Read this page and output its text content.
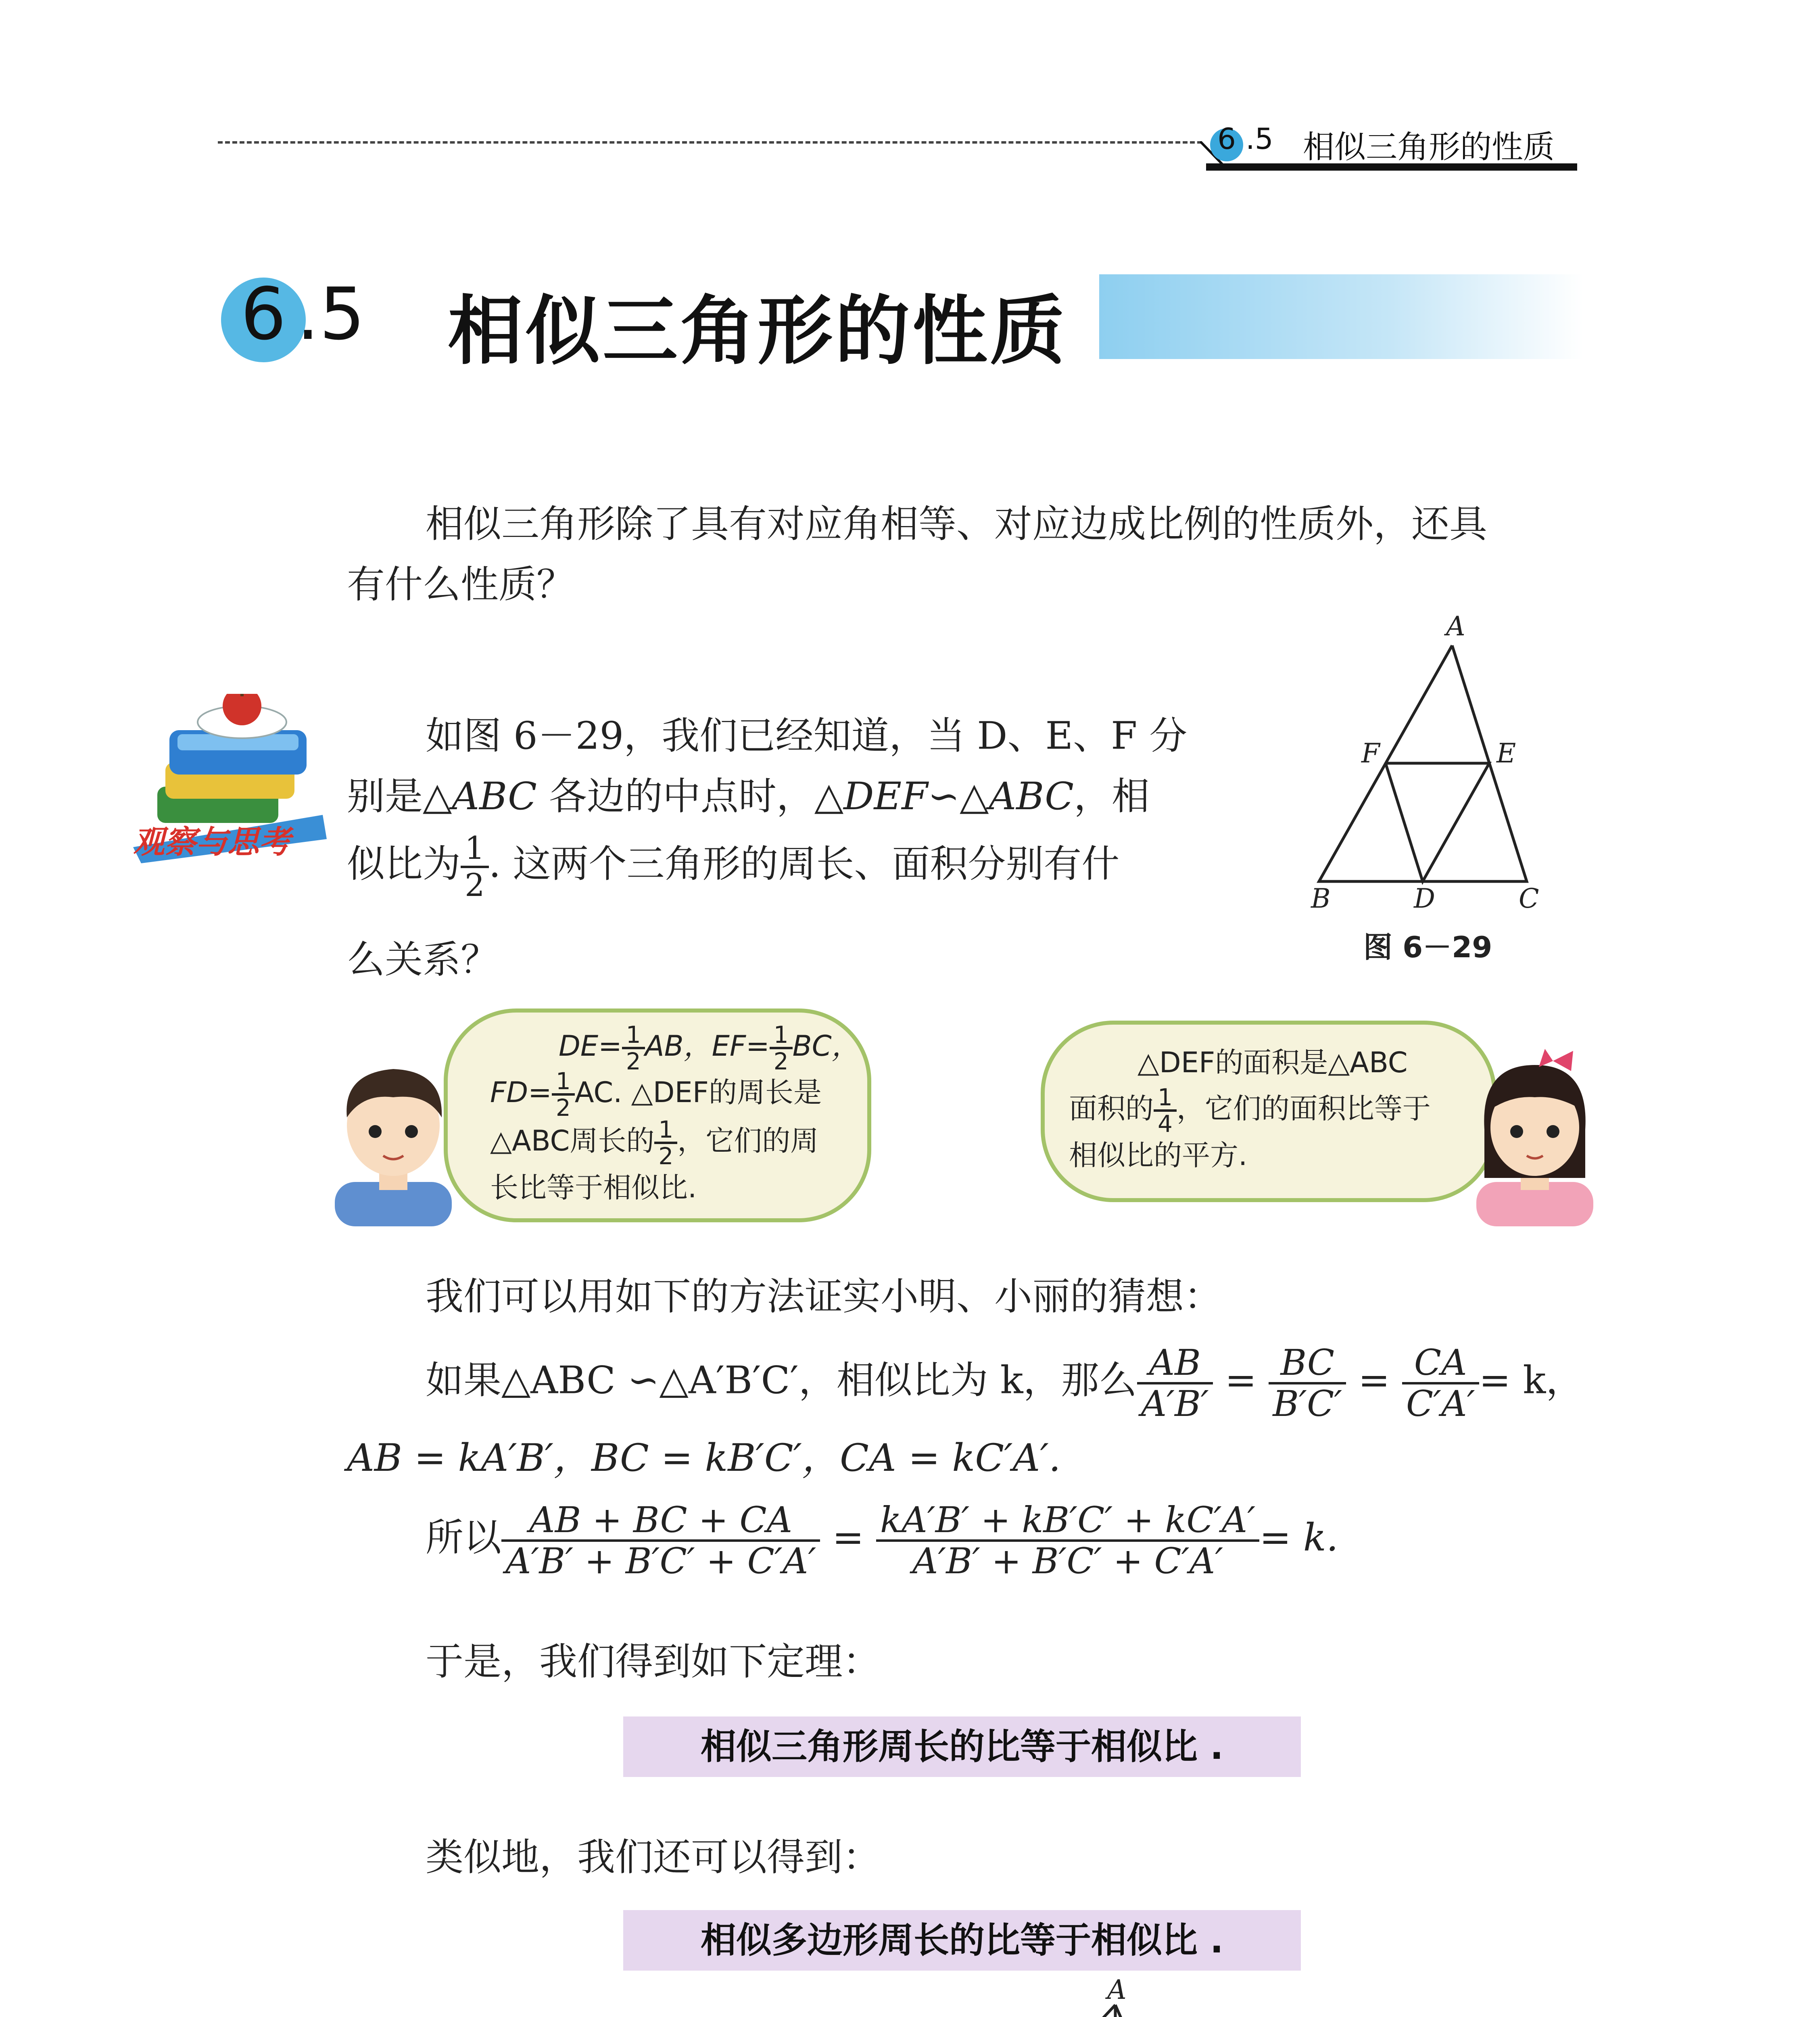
6 .5 相似三角形的性质
6 .5 相似三角形的性质
相似三角形除了具有对应角相等、对应边成比例的性质外，还具
有什么性质？
观察与思考
如图 6－29，我们已经知道，当 D、E、F 分
别是△ABC 各边的中点时，△DEF∽△ABC，相
似比为 $\frac{1}{2}$ . 这两个三角形的周长、面积分别有什
么关系？
A
B	C
D
E
F
图 6－29
$DE= \frac{1}{2}$ AB，$EF= \frac{1}{2}$ BC，
$FD= \frac{1}{2}$ AC. △DEF的周长是
△ABC周长的 $\frac{1}{2}$ ，它们的周
长比等于相似比.
△DEF的面积是△ABC
面积的 $\frac{1}{4}$ ，它们的面积比等于
相似比的平方.
我们可以用如下的方法证实小明、小丽的猜想：
如果△ABC ∽△A′B′C′，相似比为 k，那么 $\frac{AB}{A'B'} = \frac{BC}{B'C'} = \frac{CA}{C'A'} = k$，
AB = kA′B′，BC = kB′C′，CA = kC′A′.
所以 $\frac{AB + BC + CA}{A'B' + B'C' + C'A'} = \frac{kA'B' + kB'C' + kC'A'}{A'B' + B'C' + C'A'} = k$.
于是，我们得到如下定理：
相似三角形周长的比等于相似比 .
类似地，我们还可以得到：
相似多边形周长的比等于相似比 .
A
